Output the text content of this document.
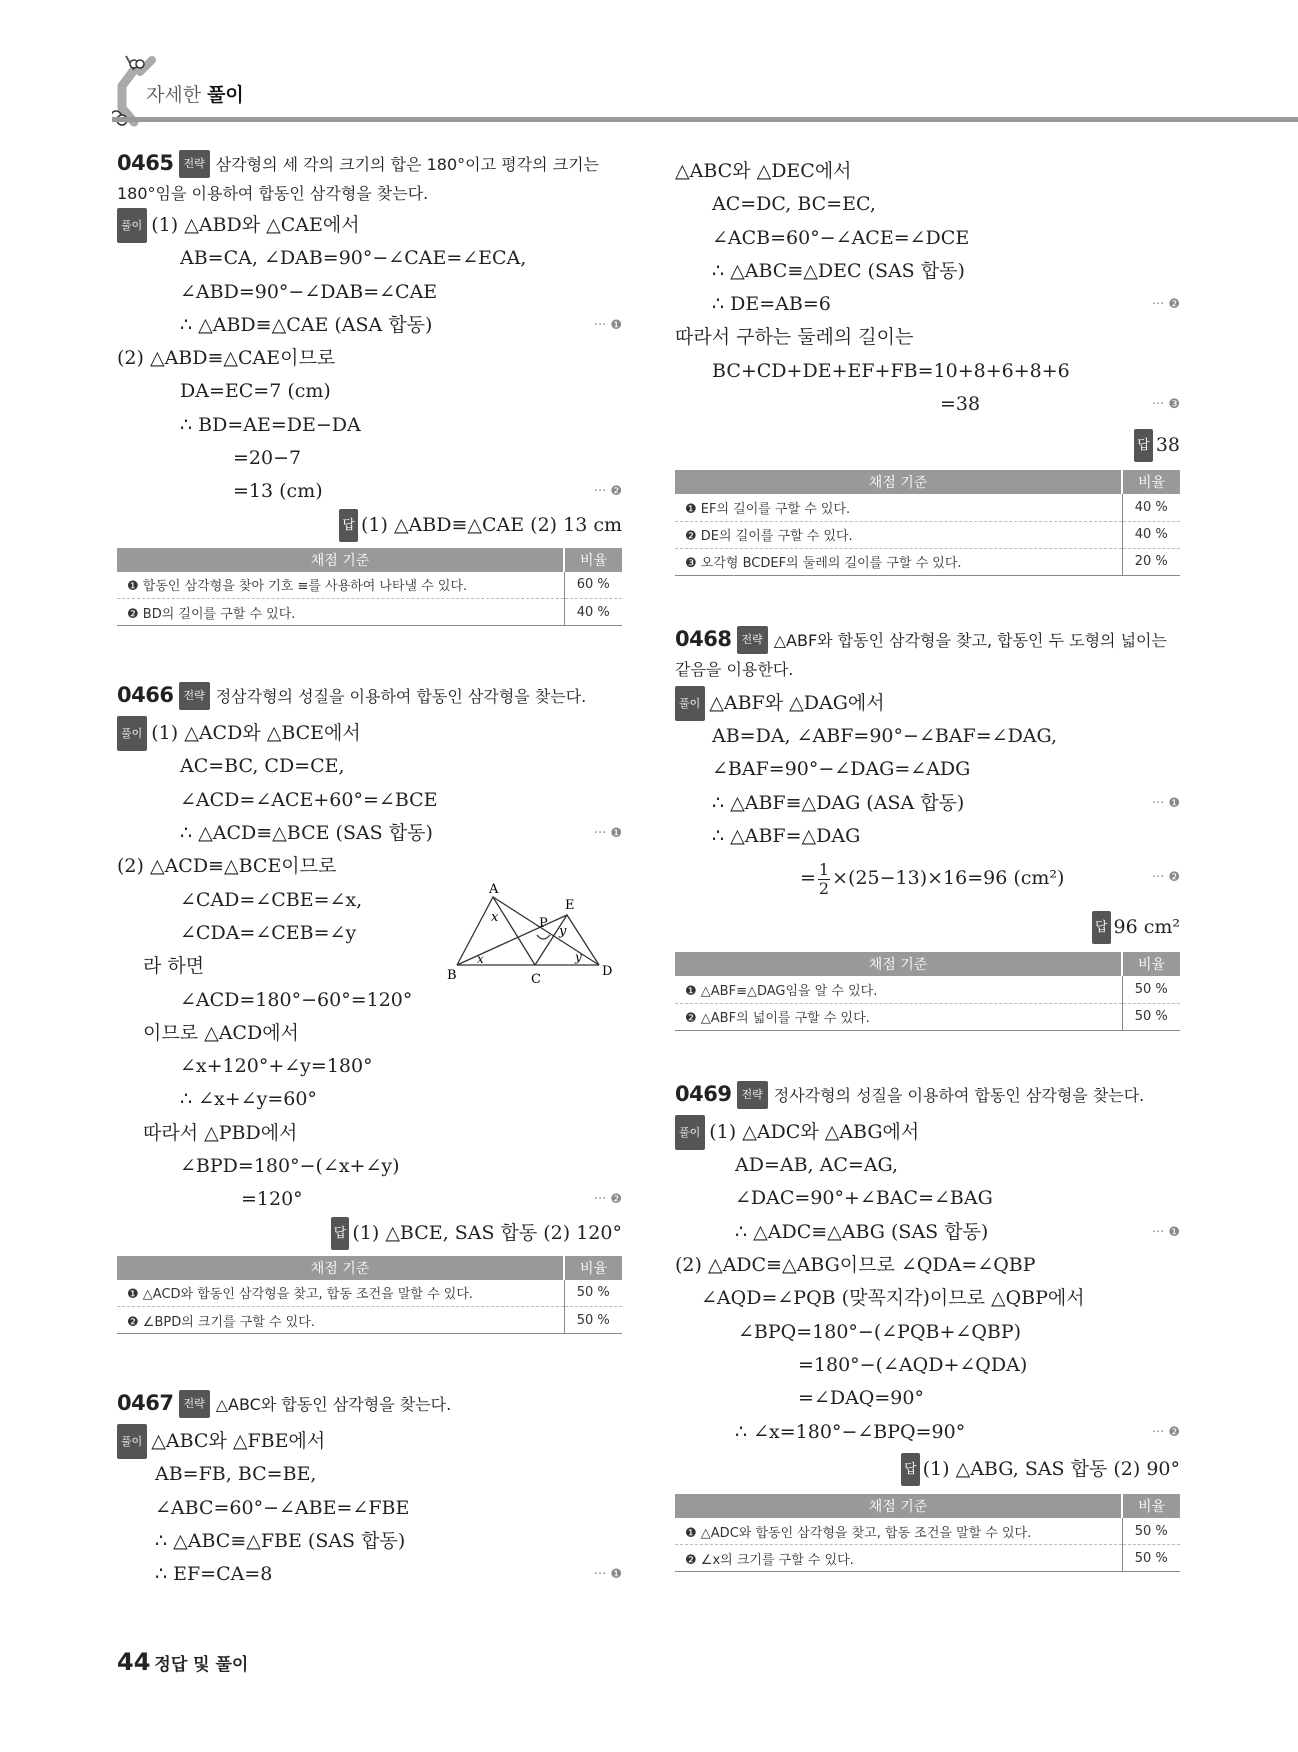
자세한 풀이
0465 전략 삼각형의 세 각의 크기의 합은 180°이고 평각의 크기는 180°임을 이용하여 합동인 삼각형을 찾는다.
풀이 (1) △ABD와 △CAE에서
AB=CA, ∠DAB=90°−∠CAE=∠ECA,
∠ABD=90°−∠DAB=∠CAE
∴ △ABD≡△CAE (ASA 합동)	··· ❶
(2) △ABD≡△CAE이므로
DA=EC=7 (cm)
∴ BD=AE=DE−DA
=20−7
=13 (cm)	··· ❷
답 (1) △ABD≡△CAE (2) 13 cm
채점 기준	비율
❶ 합동인 삼각형을 찾아 기호 ≡를 사용하여 나타낼 수 있다.	60 %
❷ BD의 길이를 구할 수 있다.	40 %
0466 전략 정삼각형의 성질을 이용하여 합동인 삼각형을 찾는다.
풀이 (1) △ACD와 △BCE에서
AC=BC, CD=CE,
∠ACD=∠ACE+60°=∠BCE
∴ △ACD≡△BCE (SAS 합동)	··· ❶
(2) △ACD≡△BCE이므로
∠CAD=∠CBE=∠x,
∠CDA=∠CEB=∠y
라 하면
∠ACD=180°−60°=120°
이므로 △ACD에서
∠x+120°+∠y=180°
∴ ∠x+∠y=60°
따라서 △PBD에서
∠BPD=180°−(∠x+∠y)
=120°	··· ❷
답 (1) △BCE, SAS 합동 (2) 120°
채점 기준	비율
❶ △ACD와 합동인 삼각형을 찾고, 합동 조건을 말할 수 있다.	50 %
❷ ∠BPD의 크기를 구할 수 있다.	50 %
A
B	C
D
E
P
x
x
y
y
0467 전략 △ABC와 합동인 삼각형을 찾는다.
풀이 △ABC와 △FBE에서
AB=FB, BC=BE,
∠ABC=60°−∠ABE=∠FBE
∴ △ABC≡△FBE (SAS 합동)
∴ EF=CA=8	··· ❶
△ABC와 △DEC에서
AC=DC, BC=EC,
∠ACB=60°−∠ACE=∠DCE
∴ △ABC≡△DEC (SAS 합동)
∴ DE=AB=6	··· ❷
따라서 구하는 둘레의 길이는
BC+CD+DE+EF+FB=10+8+6+8+6
=38	··· ❸
답 38
채점 기준	비율
❶ EF의 길이를 구할 수 있다.	40 %
❷ DE의 길이를 구할 수 있다.	40 %
❸ 오각형 BCDEF의 둘레의 길이를 구할 수 있다.	20 %
0468 전략 △ABF와 합동인 삼각형을 찾고, 합동인 두 도형의 넓이는 같음을 이용한다.
풀이 △ABF와 △DAG에서
AB=DA, ∠ABF=90°−∠BAF=∠DAG,
∠BAF=90°−∠DAG=∠ADG
∴ △ABF≡△DAG (ASA 합동)	··· ❶
∴ △ABF=△DAG
= $\frac{1}{2} \times(25-13)\times 16=96$ (cm²)	··· ❷
답 96 cm²
채점 기준	비율
❶ △ABF≡△DAG임을 알 수 있다.	50 %
❷ △ABF의 넓이를 구할 수 있다.	50 %
0469 전략 정사각형의 성질을 이용하여 합동인 삼각형을 찾는다.
풀이 (1) △ADC와 △ABG에서
AD=AB, AC=AG,
∠DAC=90°+∠BAC=∠BAG
∴ △ADC≡△ABG (SAS 합동)	··· ❶
(2) △ADC≡△ABG이므로 ∠QDA=∠QBP
∠AQD=∠PQB (맞꼭지각)이므로 △QBP에서
∠BPQ=180°−(∠PQB+∠QBP)
=180°−(∠AQD+∠QDA)
=∠DAQ=90°
∴ ∠x=180°−∠BPQ=90°	··· ❷
답 (1) △ABG, SAS 합동 (2) 90°
채점 기준	비율
❶ △ADC와 합동인 삼각형을 찾고, 합동 조건을 말할 수 있다.	50 %
❷ ∠x의 크기를 구할 수 있다.	50 %
44 정답 및 풀이
